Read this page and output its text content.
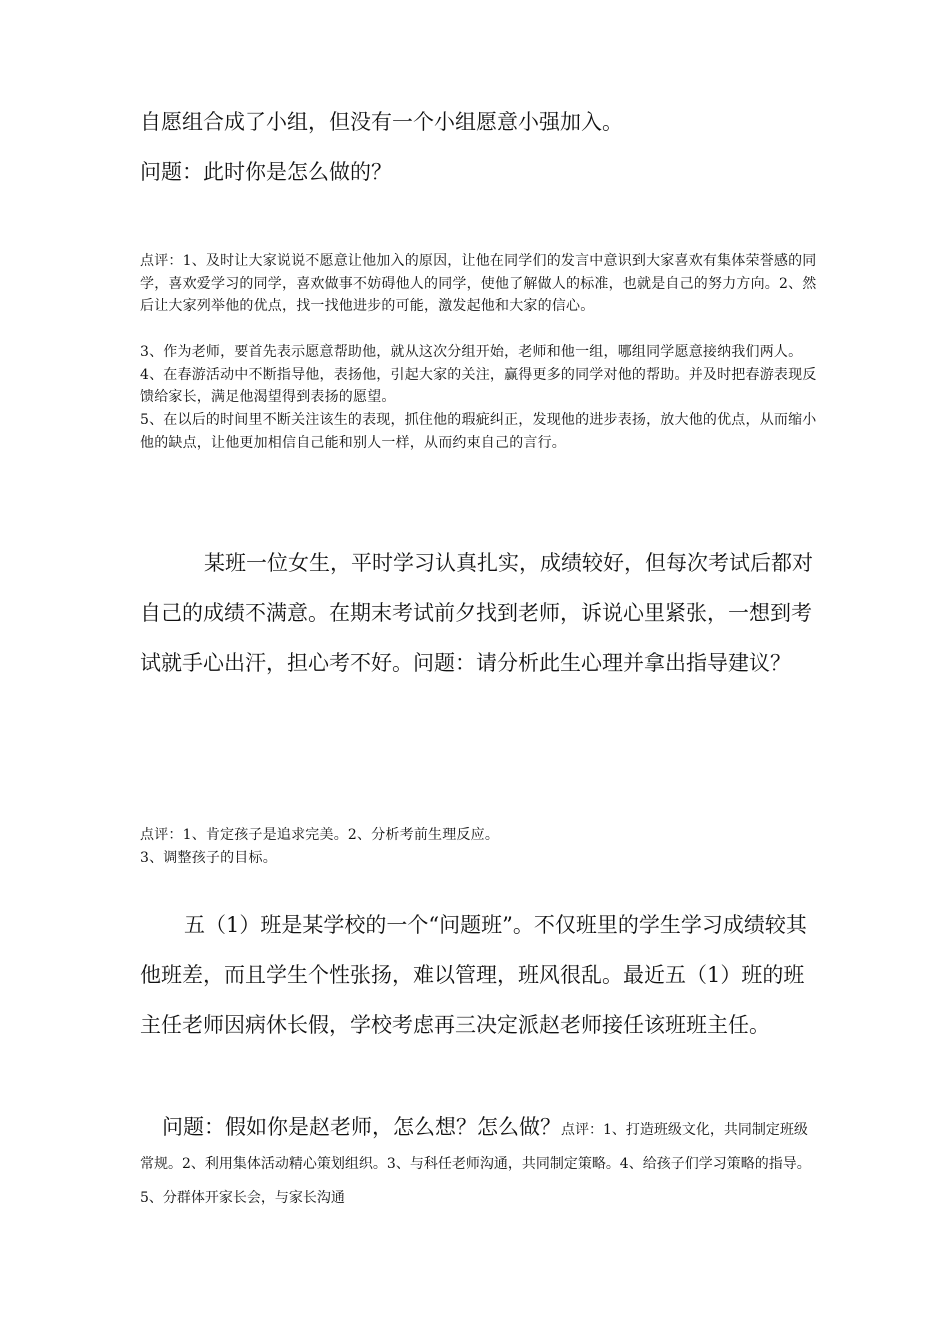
自愿组合成了小组，但没有一个小组愿意小强加入。

问题：此时你是怎么做的？

点评：1、及时让大家说说不愿意让他加入的原因，让他在同学们的发言中意识到大家喜欢有集体荣誉感的同学，喜欢爱学习的同学，喜欢做事不妨碍他人的同学，使他了解做人的标准，也就是自己的努力方向。2、然后让大家列举他的优点，找一找他进步的可能，激发起他和大家的信心。

3、作为老师，要首先表示愿意帮助他，就从这次分组开始，老师和他一组，哪组同学愿意接纳我们两人。4、在春游活动中不断指导他，表扬他，引起大家的关注，赢得更多的同学对他的帮助。并及时把春游表现反馈给家长，满足他渴望得到表扬的愿望。

5、在以后的时间里不断关注该生的表现，抓住他的瑕疵纠正，发现他的进步表扬，放大他的优点，从而缩小他的缺点，让他更加相信自己能和别人一样，从而约束自己的言行。

某班一位女生，平时学习认真扎实，成绩较好，但每次考试后都对自己的成绩不满意。在期末考试前夕找到老师，诉说心里紧张，一想到考试就手心出汗，担心考不好。问题：请分析此生心理并拿出指导建议？

点评：1、肯定孩子是追求完美。2、分析考前生理反应。

3、调整孩子的目标。

五（1）班是某学校的一个“问题班”。不仅班里的学生学习成绩较其他班差，而且学生个性张扬，难以管理，班风很乱。最近五（1）班的班主任老师因病休长假，学校考虑再三决定派赵老师接任该班班主任。

问题：假如你是赵老师，怎么想？怎么做？点评：1、打造班级文化，共同制定班级常规。2、利用集体活动精心策划组织。3、与科任老师沟通，共同制定策略。4、给孩子们学习策略的指导。5、分群体开家长会，与家长沟通
